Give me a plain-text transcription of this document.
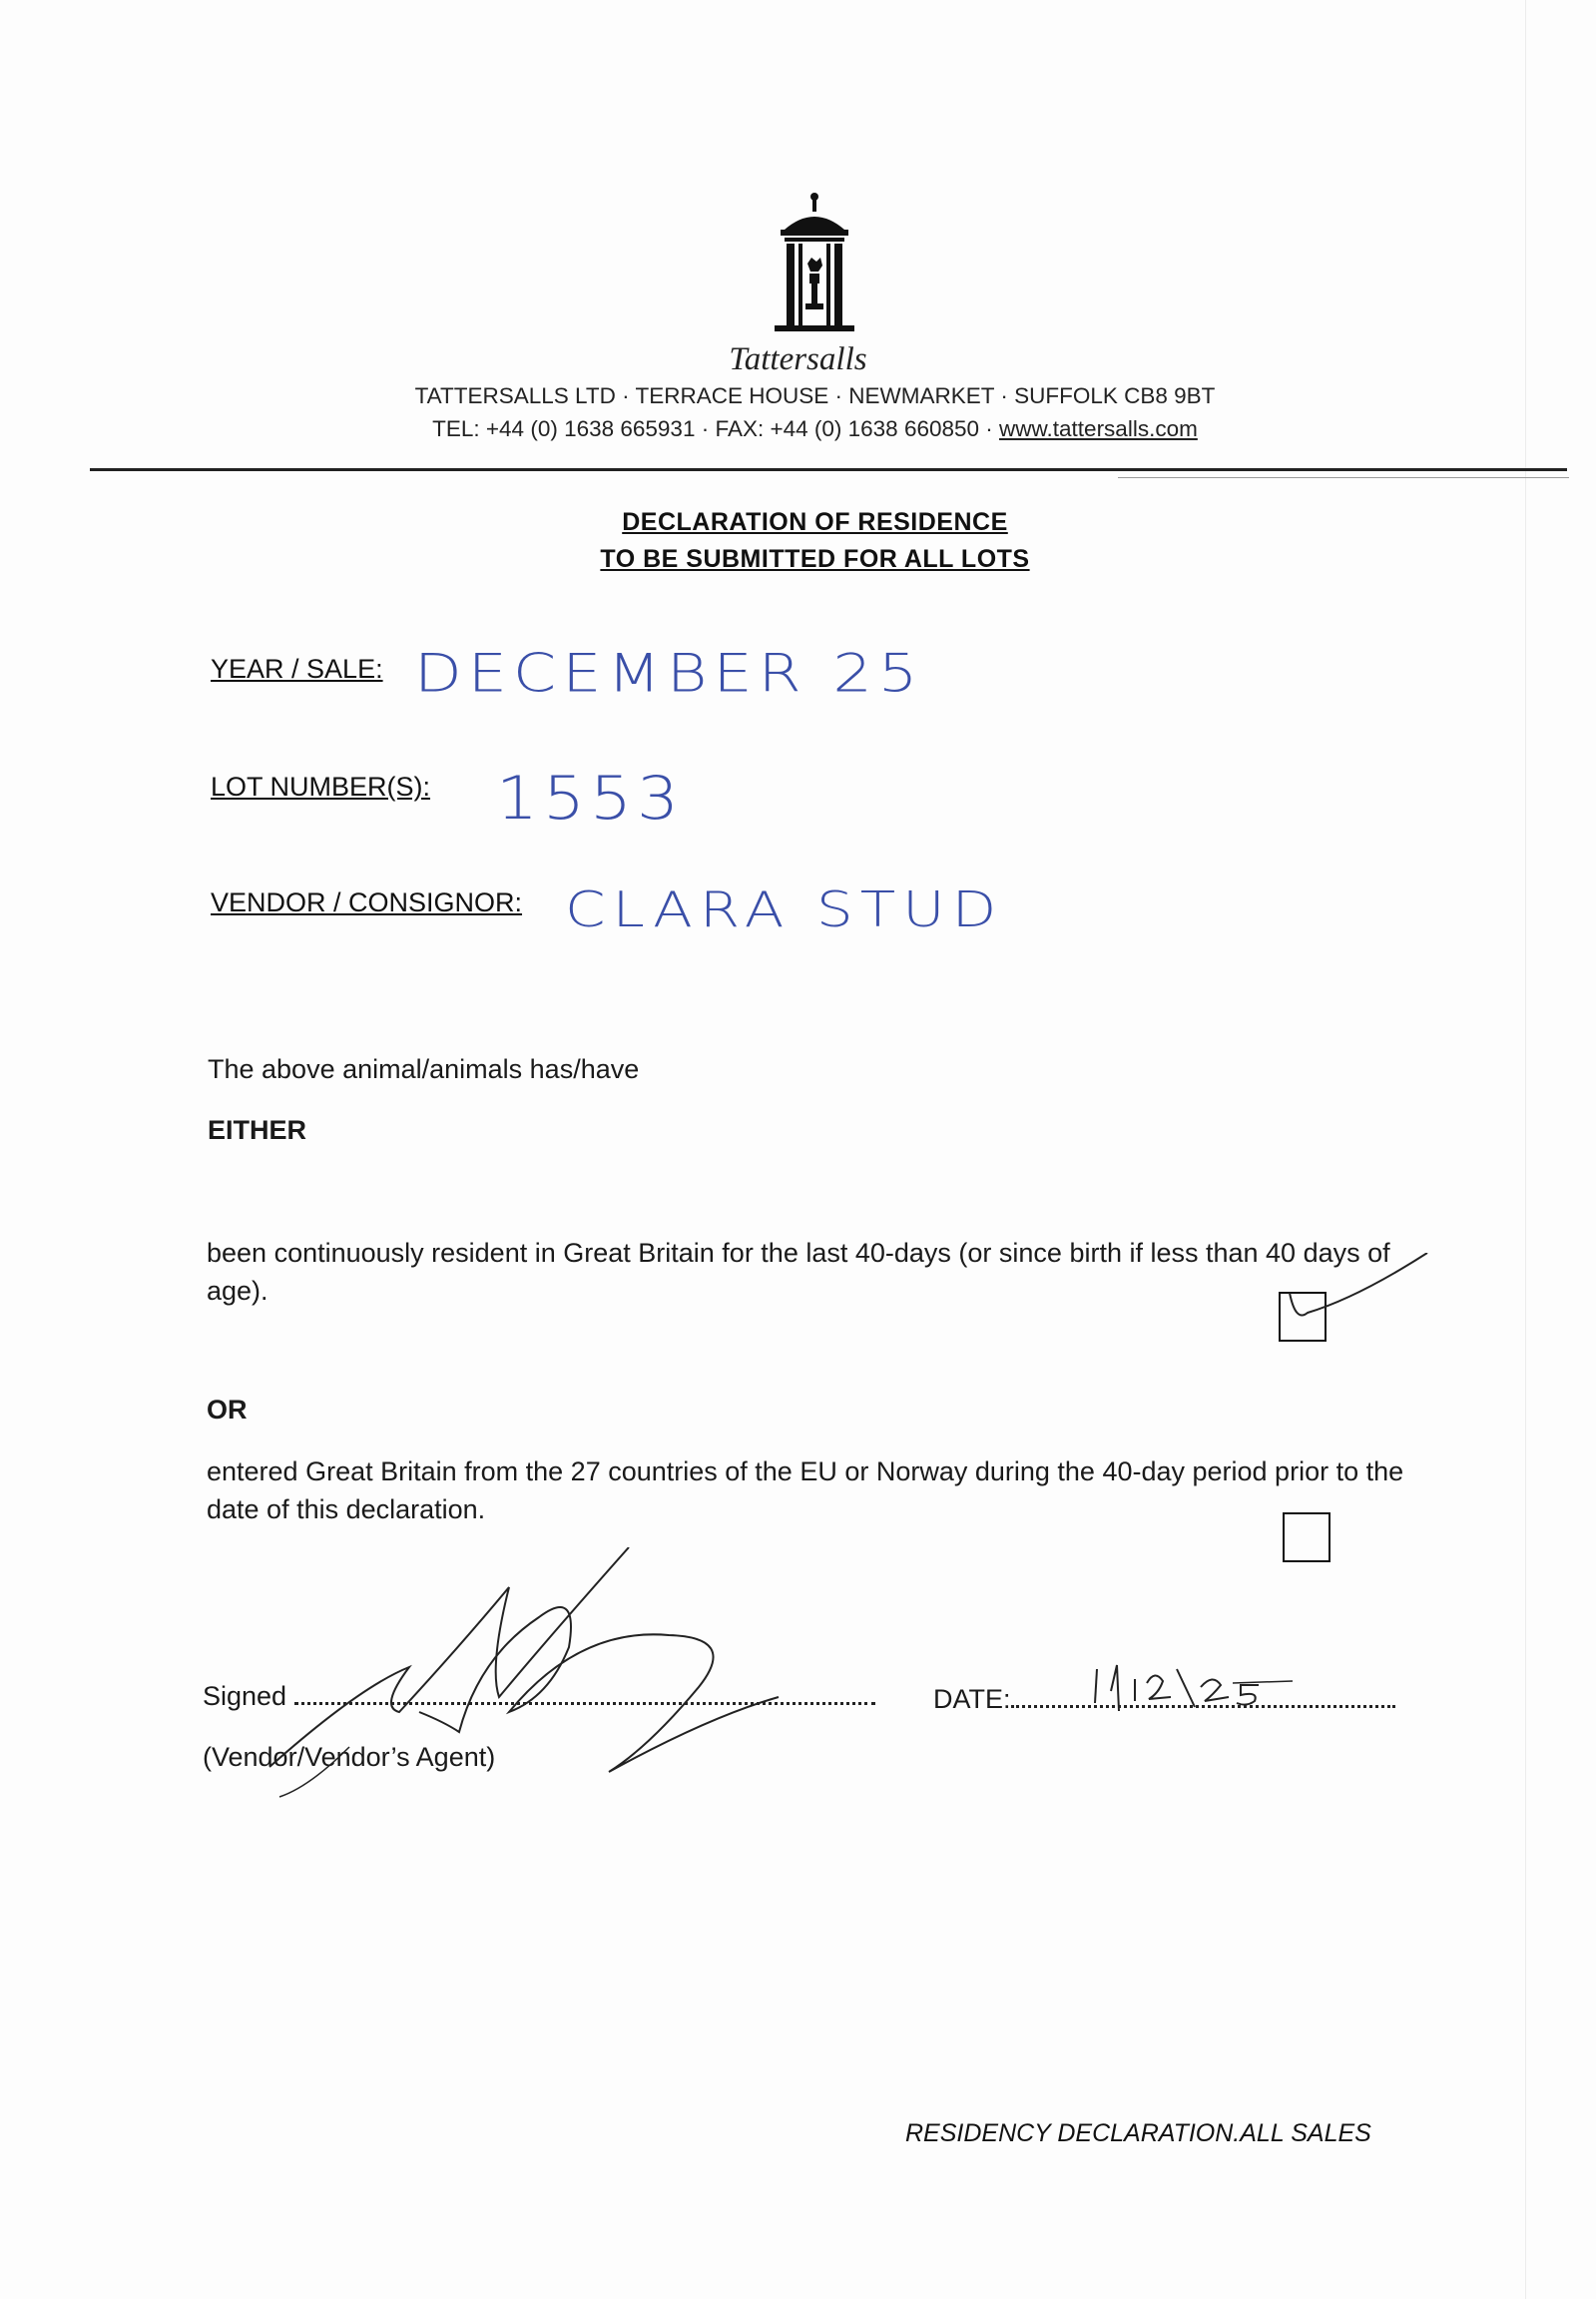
Tattersalls
TATTERSALLS LTD · TERRACE HOUSE · NEWMARKET · SUFFOLK CB8 9BT
TEL: +44 (0) 1638 665931 · FAX: +44 (0) 1638 660850 · www.tattersalls.com
DECLARATION OF RESIDENCE
TO BE SUBMITTED FOR ALL LOTS
YEAR / SALE: DECEMBER 25
LOT NUMBER(S): 1553
VENDOR / CONSIGNOR: CLARA STUD
The above animal/animals has/have
EITHER
been continuously resident in Great Britain for the last 40-days (or since birth if less than 40 days of age).
OR
entered Great Britain from the 27 countries of the EU or Norway during the 40-day period prior to the date of this declaration.
Signed
(Vendor/Vendor’s Agent)
DATE:
RESIDENCY DECLARATION.ALL SALES
